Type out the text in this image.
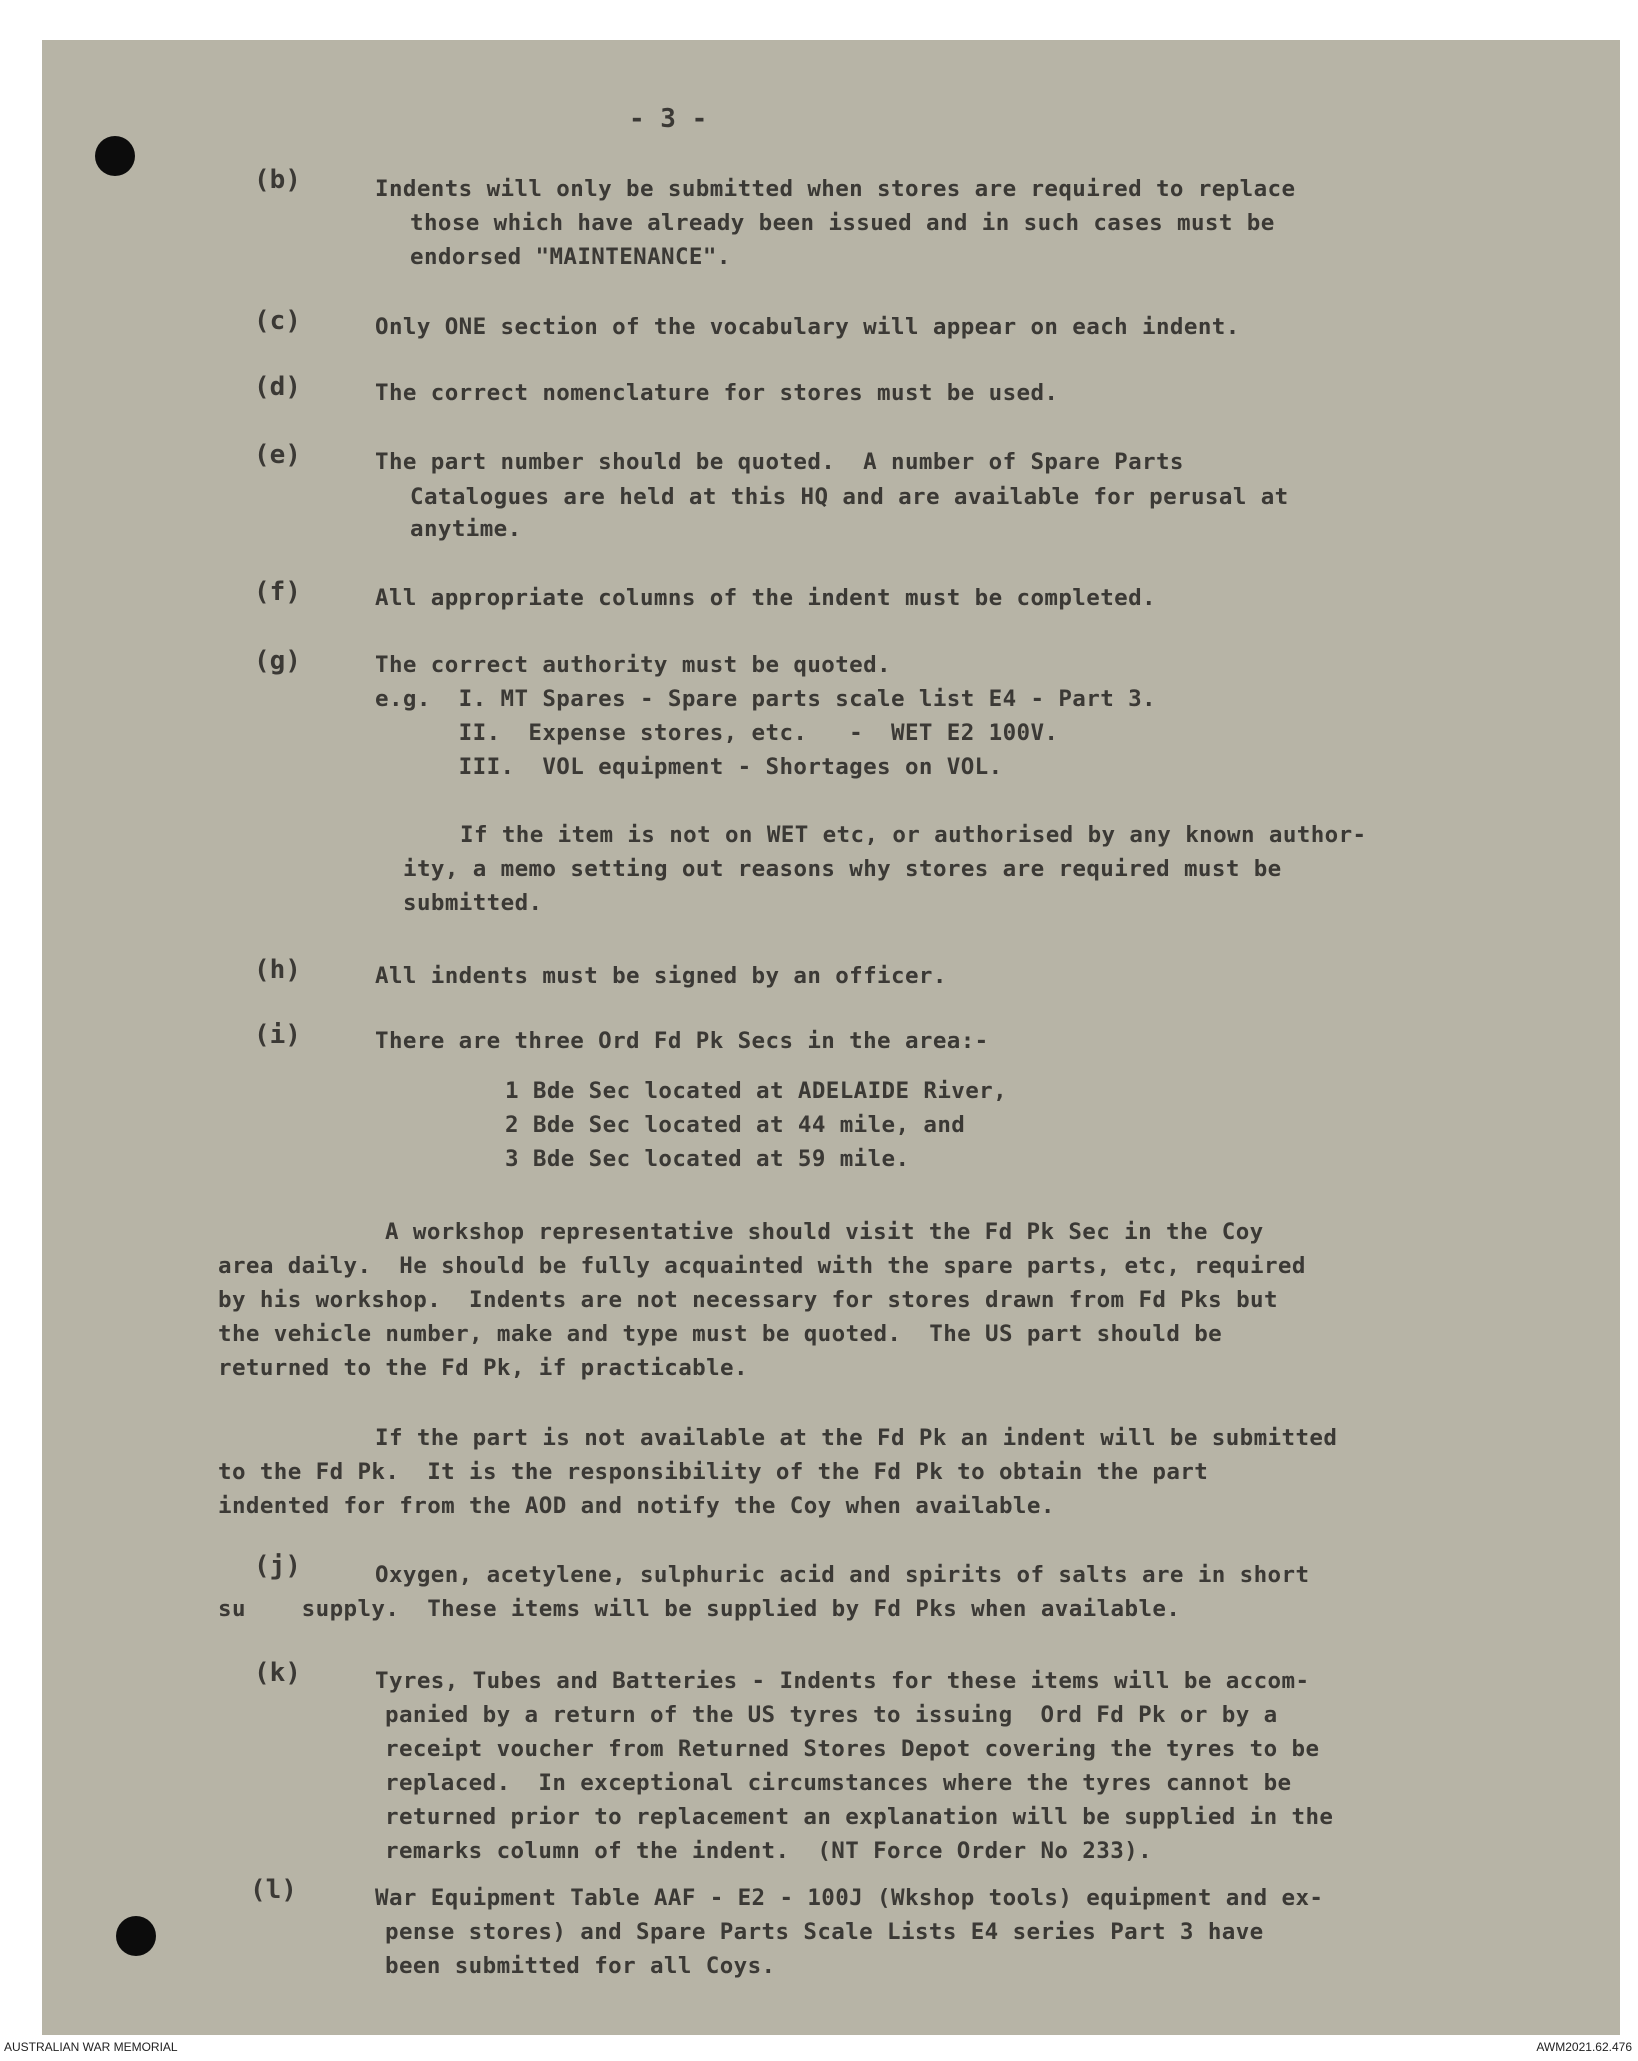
- 3 -
(b)	Indents will only be submitted when stores are required to replace
those which have already been issued and in such cases must be
endorsed "MAINTENANCE".
(c)	Only ONE section of the vocabulary will appear on each indent.
(d)	The correct nomenclature for stores must be used.
(e)	The part number should be quoted.  A number of Spare Parts
Catalogues are held at this HQ and are available for perusal at
anytime.
(f)	All appropriate columns of the indent must be completed.
(g)	The correct authority must be quoted.
e.g.  I. MT Spares - Spare parts scale list E4 - Part 3.
II.  Expense stores, etc.   -  WET E2 100V.
III.  VOL equipment - Shortages on VOL.
If the item is not on WET etc, or authorised by any known author-
ity, a memo setting out reasons why stores are required must be
submitted.
(h)	All indents must be signed by an officer.
(i)	There are three Ord Fd Pk Secs in the area:-
1 Bde Sec located at ADELAIDE River,
2 Bde Sec located at 44 mile, and
3 Bde Sec located at 59 mile.
A workshop representative should visit the Fd Pk Sec in the Coy
area daily.  He should be fully acquainted with the spare parts, etc, required
by his workshop.  Indents are not necessary for stores drawn from Fd Pks but
the vehicle number, make and type must be quoted.  The US part should be
returned to the Fd Pk, if practicable.
If the part is not available at the Fd Pk an indent will be submitted
to the Fd Pk.  It is the responsibility of the Fd Pk to obtain the part
indented for from the AOD and notify the Coy when available.
(j)	Oxygen, acetylene, sulphuric acid and spirits of salts are in short
su    supply.  These items will be supplied by Fd Pks when available.
(k)	Tyres, Tubes and Batteries - Indents for these items will be accom-
panied by a return of the US tyres to issuing  Ord Fd Pk or by a
receipt voucher from Returned Stores Depot covering the tyres to be
replaced.  In exceptional circumstances where the tyres cannot be
returned prior to replacement an explanation will be supplied in the
remarks column of the indent.  (NT Force Order No 233).
(l)	War Equipment Table AAF - E2 - 100J (Wkshop tools) equipment and ex-
pense stores) and Spare Parts Scale Lists E4 series Part 3 have
been submitted for all Coys.
AUSTRALIAN WAR MEMORIAL	AWM2021.62.476
